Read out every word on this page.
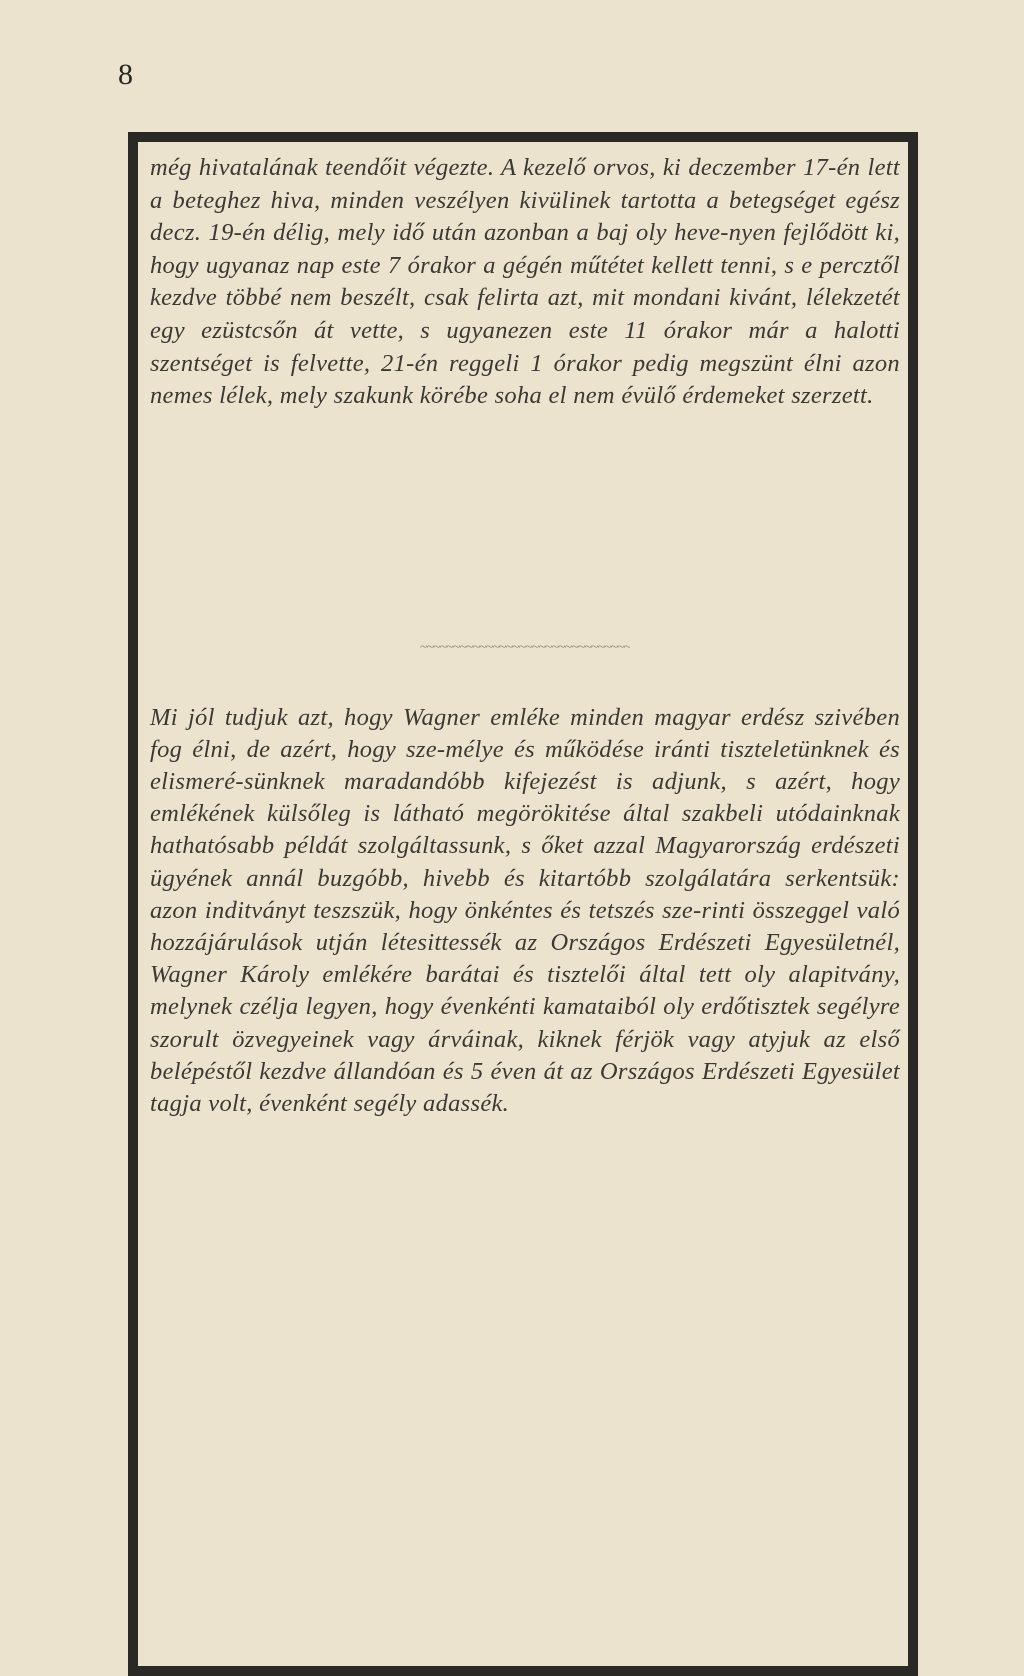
8

még hivatalának teendőit végezte. A kezelő orvos, ki deczember 17-én lett a beteghez hiva, minden veszélyen kivülinek tartotta a betegséget egész decz. 19-én délig, mely idő után azonban a baj oly heve-nyen fejlődött ki, hogy ugyanaz nap este 7 órakor a gégén műtétet kellett tenni, s e percztől kezdve többé nem beszélt, csak felirta azt, mit mondani kivánt, lélekzetét egy ezüstcsőn át vette, s ugyanezen este 11 órakor már a halotti szentséget is felvette, 21-én reggeli 1 órakor pedig megszünt élni azon nemes lélek, mely szakunk körébe soha el nem évülő érdemeket szerzett.

~~~~~~~~~~~~~~~~~~~~~~~~~~~~~~~~

Mi jól tudjuk azt, hogy Wagner emléke minden magyar erdész szivében fog élni, de azért, hogy sze-mélye és működése iránti tiszteletünknek és elismeré-sünknek maradandóbb kifejezést is adjunk, s azért, hogy emlékének külsőleg is látható megörökitése által szakbeli utódainknak hathatósabb példát szolgáltassunk, s őket azzal Magyarország erdészeti ügyének annál buzgóbb, hivebb és kitartóbb szolgálatára serkentsük: azon inditványt teszszük, hogy önkéntes és tetszés sze-rinti összeggel való hozzájárulások utján létesittessék az Országos Erdészeti Egyesületnél, Wagner Károly emlékére barátai és tisztelői által tett oly alapitvány, melynek czélja legyen, hogy évenkénti kamataiból oly erdőtisztek segélyre szorult özvegyeinek vagy árváinak, kiknek férjök vagy atyjuk az első belépéstől kezdve állandóan és 5 éven át az Országos Erdészeti Egyesület tagja volt, évenként segély adassék.
